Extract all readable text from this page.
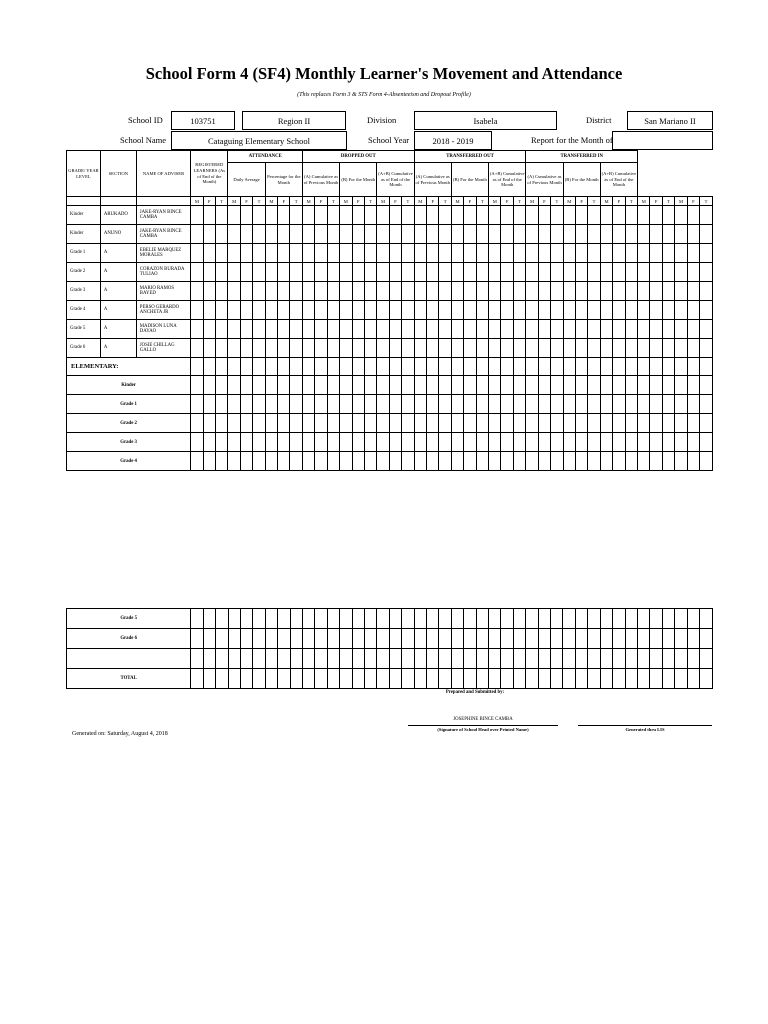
School Form 4 (SF4) Monthly Learner's Movement and Attendance
(This replaces Form 3 & STS Form 4-Absenteeism and Dropout Profile)
School ID	103751	Region II	Division	Isabela	District	San Mariano II
School Name	Cataguing Elementary School	School Year	2018 - 2019	Report for the Month of
GRADE/ YEAR LEVEL	SECTION	NAME OF ADVISER	REGISTERED LEARNERS (As of End of the Month)			ATTENDANCE						DROPPED OUT									TRANSFERRED OUT									TRANSFERRED IN														
						Daily Average			Percentage for the Month			(A) Cumulative as of Previous Month			(B) For the Month			(A+B) Cumulative as of End of the Month			(A) Cumulative as of Previous Month			(B) For the Month			(A+B) Cumulative as of End of the Month			(A) Cumulative as of Previous Month			(B) For the Month			(A+B) Cumulative as of End of the Month								
			M	F	T	M	F	T	M	F	T	M	F	T	M	F	T	M	F	T	M	F	T	M	F	T	M	F	T	M	F	T	M	F	T	M	F	T	M	F	T	M	F	T
Kinder	ARUKADO	JAKE-RYAN BINCE CAMBA																																										
Kinder	ANUNO	JAKE-RYAN BINCE CAMBA																																										
Grade 1	A	EBELIE MARQUEZ MORALES																																										
Grade 2	A	CORAZON BURADA TULIAO																																										
Grade 3	A	MARIO RAMOS BAYED																																										
Grade 4	A	PERSO GERARDO ANCHETA JR																																										
Grade 5	A	MADISON LUNA DAYAO																																										
Grade 6	A	JOSIE CHILLAG GALLO																																										
ELEMENTARY:																																												
Kinder																																												
Grade 1																																												
Grade 2																																												
Grade 3																																												
Grade 4																																												
Grade 5																																										
Grade 6																																										

TOTAL																																										
Prepared and Submitted by:
JOSEPHINE BINCE CAMBA
(Signature of School Head over Printed Name)	Generated thru LIS
Generated on: Saturday, August 4, 2018
